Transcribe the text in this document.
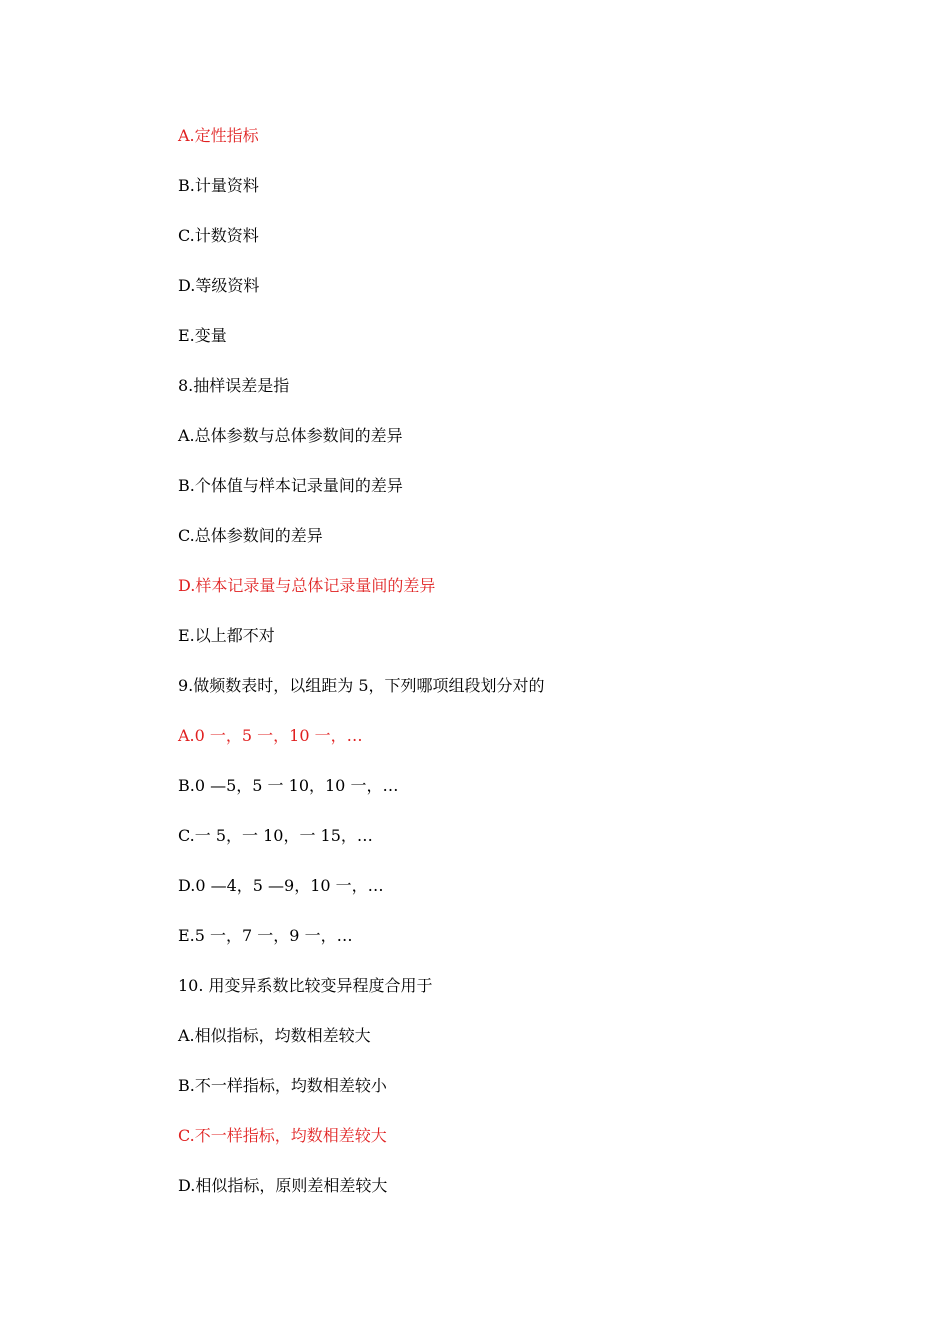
A.定性指标
B.计量资料
C.计数资料
D.等级资料
E.变量
8.抽样误差是指
A.总体参数与总体参数间的差异
B.个体值与样本记录量间的差异
C.总体参数间的差异
D.样本记录量与总体记录量间的差异
E.以上都不对
9.做频数表时，以组距为 5，下列哪项组段划分对的
A.0 一，5 一，10 一，…
B.0 —5，5 一 10，10 一，…
C.一 5，一 10，一 15，…
D.0 —4，5 —9，10 一，…
E.5 一，7 一，9 一，…
10. 用变异系数比较变异程度合用于
A.相似指标，均数相差较大
B.不一样指标，均数相差较小
C.不一样指标，均数相差较大
D.相似指标，原则差相差较大
